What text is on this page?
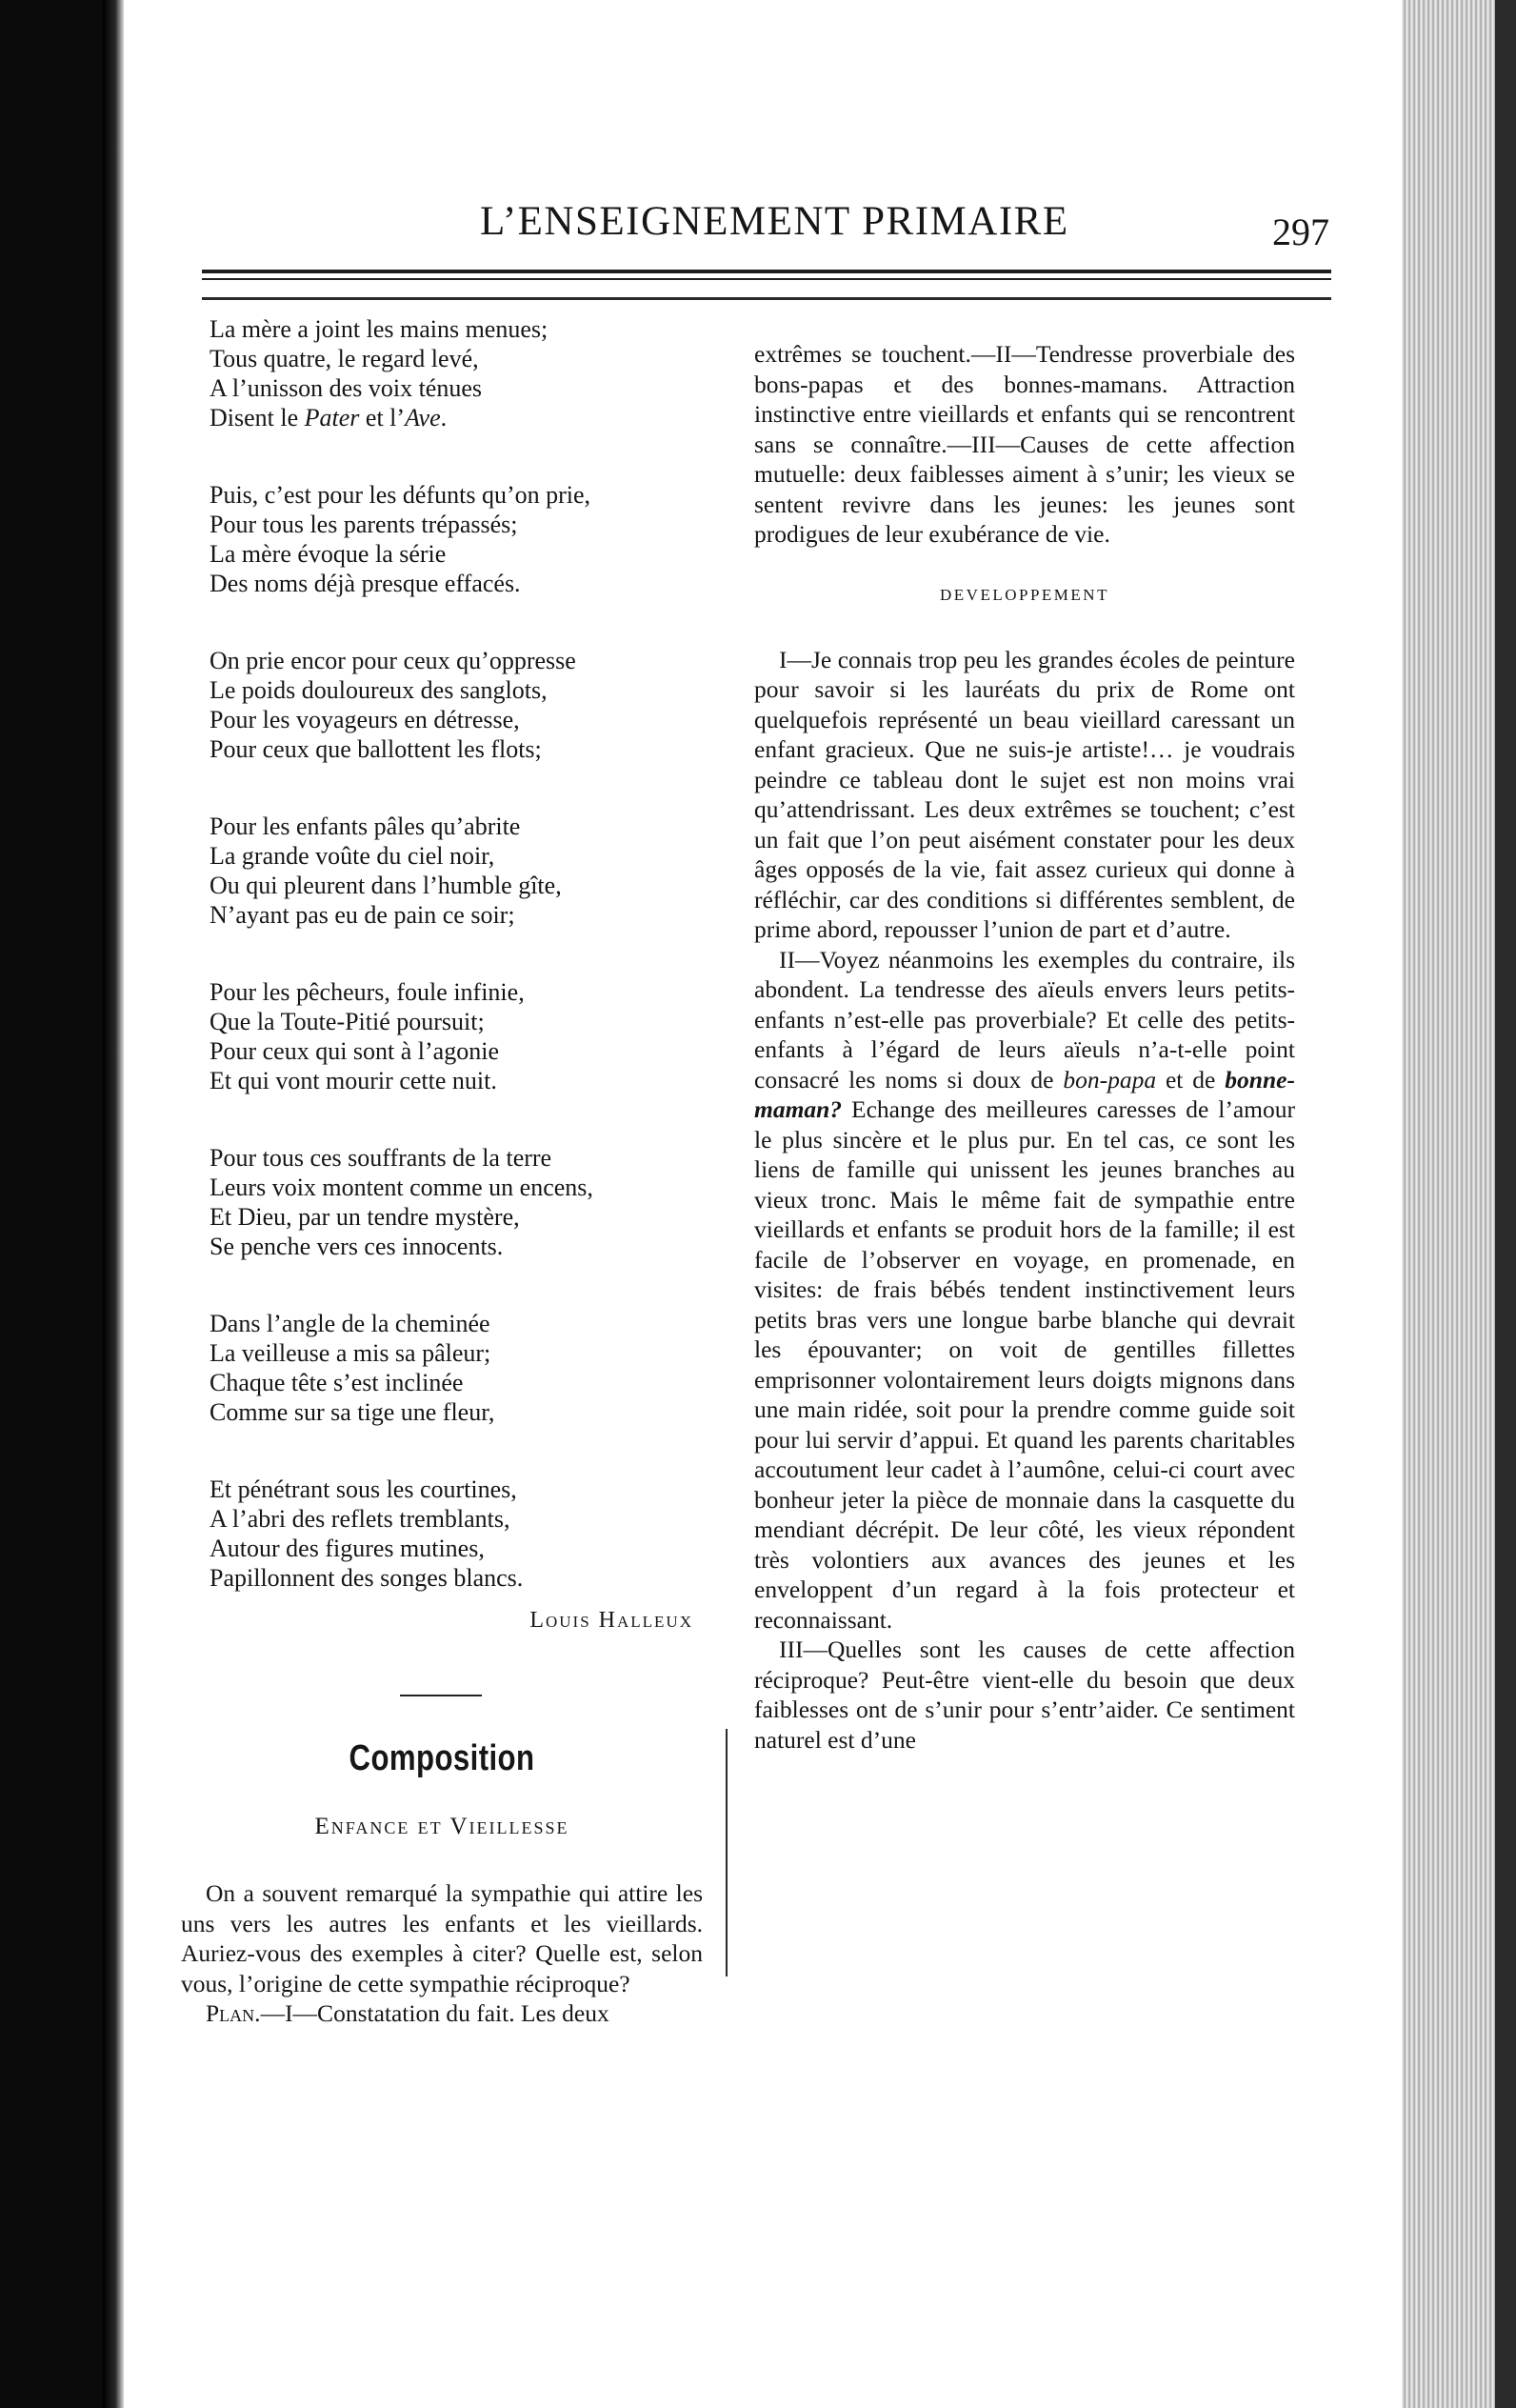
L’ENSEIGNEMENT PRIMAIRE	297
La mère a joint les mains menues;
Tous quatre, le regard levé,
A l’unisson des voix ténues
Disent le Pater et l’Ave.
Puis, c’est pour les défunts qu’on prie,
Pour tous les parents trépassés;
La mère évoque la série
Des noms déjà presque effacés.
On prie encor pour ceux qu’oppresse
Le poids douloureux des sanglots,
Pour les voyageurs en détresse,
Pour ceux que ballottent les flots;
Pour les enfants pâles qu’abrite
La grande voûte du ciel noir,
Ou qui pleurent dans l’humble gîte,
N’ayant pas eu de pain ce soir;
Pour les pêcheurs, foule infinie,
Que la Toute-Pitié poursuit;
Pour ceux qui sont à l’agonie
Et qui vont mourir cette nuit.
Pour tous ces souffrants de la terre
Leurs voix montent comme un encens,
Et Dieu, par un tendre mystère,
Se penche vers ces innocents.
Dans l’angle de la cheminée
La veilleuse a mis sa pâleur;
Chaque tête s’est inclinée
Comme sur sa tige une fleur,
Et pénétrant sous les courtines,
A l’abri des reflets tremblants,
Autour des figures mutines,
Papillonnent des songes blancs.
Louis Halleux
Composition
Enfance et Vieillesse

On a souvent remarqué la sympathie qui attire les uns vers les autres les enfants et les vieillards. Auriez-vous des exemples à citer? Quelle est, selon vous, l’origine de cette sympathie réciproque?

Plan.—I—Constatation du fait. Les deux

extrêmes se touchent.—II—Tendresse proverbiale des bons-papas et des bonnes-mamans. Attraction instinctive entre vieillards et enfants qui se rencontrent sans se connaître.—III—Causes de cette affection mutuelle: deux faiblesses aiment à s’unir; les vieux se sentent revivre dans les jeunes: les jeunes sont prodigues de leur exubérance de vie.

DEVELOPPEMENT

I—Je connais trop peu les grandes écoles de peinture pour savoir si les lauréats du prix de Rome ont quelquefois représenté un beau vieillard caressant un enfant gracieux. Que ne suis-je artiste!… je voudrais peindre ce tableau dont le sujet est non moins vrai qu’attendrissant. Les deux extrêmes se touchent; c’est un fait que l’on peut aisément constater pour les deux âges opposés de la vie, fait assez curieux qui donne à réfléchir, car des conditions si différentes semblent, de prime abord, repousser l’union de part et d’autre.

II—Voyez néanmoins les exemples du contraire, ils abondent. La tendresse des aïeuls envers leurs petits-enfants n’est-elle pas proverbiale? Et celle des petits-enfants à l’égard de leurs aïeuls n’a-t-elle point consacré les noms si doux de bon-papa et de bonne-maman? Echange des meilleures caresses de l’amour le plus sincère et le plus pur. En tel cas, ce sont les liens de famille qui unissent les jeunes branches au vieux tronc. Mais le même fait de sympathie entre vieillards et enfants se produit hors de la famille; il est facile de l’observer en voyage, en promenade, en visites: de frais bébés tendent instinctivement leurs petits bras vers une longue barbe blanche qui devrait les épouvanter; on voit de gentilles fillettes emprisonner volontairement leurs doigts mignons dans une main ridée, soit pour la prendre comme guide soit pour lui servir d’appui. Et quand les parents charitables accoutument leur cadet à l’aumône, celui-ci court avec bonheur jeter la pièce de monnaie dans la casquette du mendiant décrépit. De leur côté, les vieux répondent très volontiers aux avances des jeunes et les enveloppent d’un regard à la fois protecteur et reconnaissant.

III—Quelles sont les causes de cette affection réciproque? Peut-être vient-elle du besoin que deux faiblesses ont de s’unir pour s’entr’aider. Ce sentiment naturel est d’une
